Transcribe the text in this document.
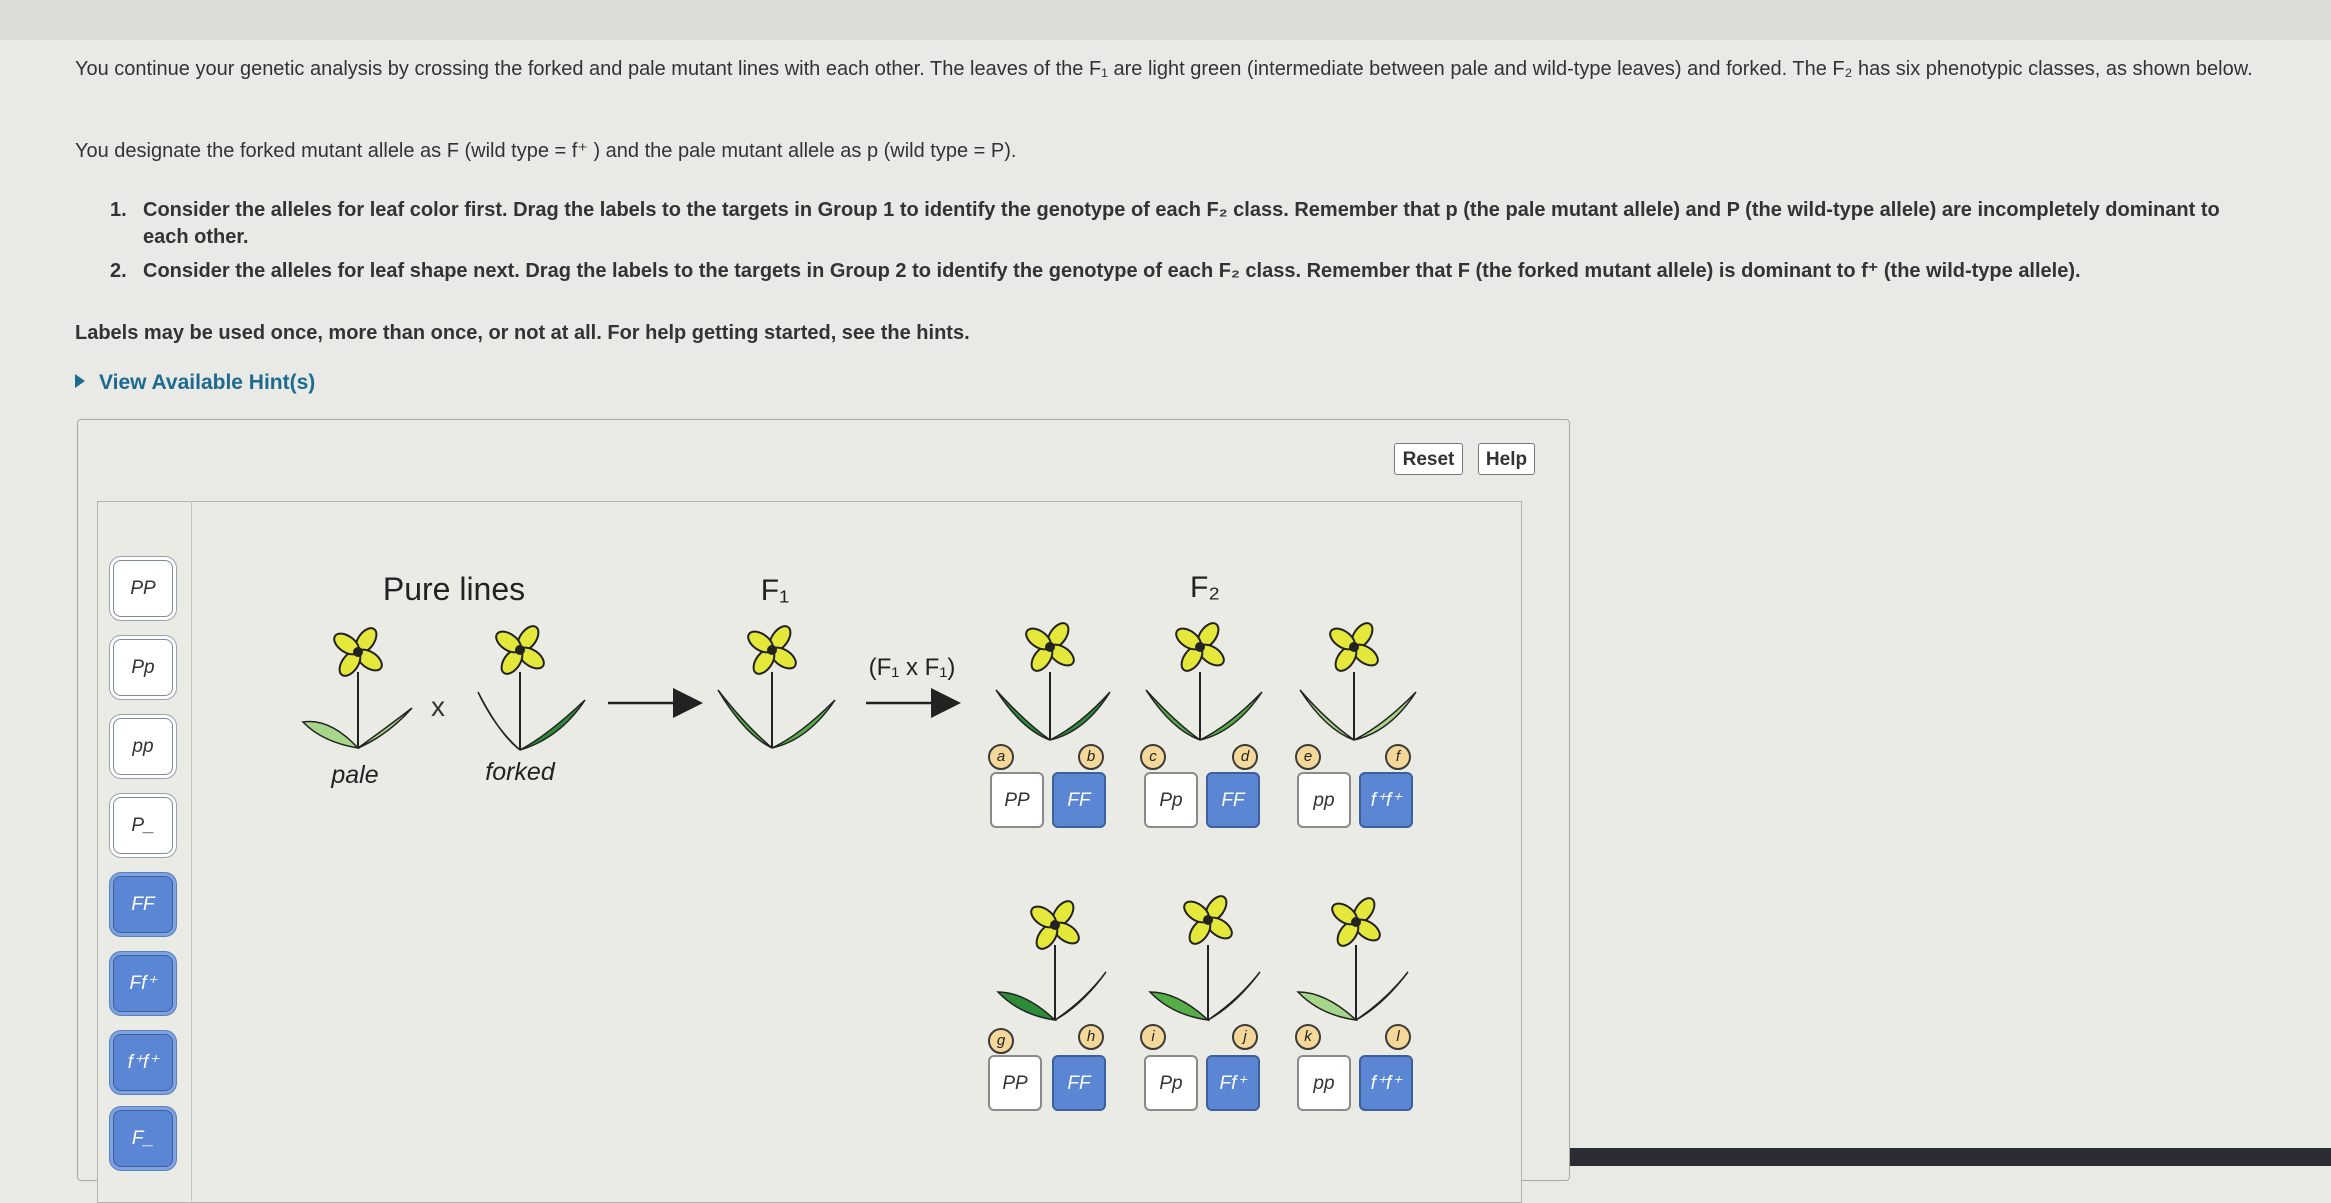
You continue your genetic analysis by crossing the forked and pale mutant lines with each other. The leaves of the F₁ are light green (intermediate between pale and wild-type leaves) and forked. The F₂ has six phenotypic classes, as shown below.
You designate the forked mutant allele as F (wild type = f⁺ ) and the pale mutant allele as p (wild type = P).
1. Consider the alleles for leaf color first. Drag the labels to the targets in Group 1 to identify the genotype of each F₂ class. Remember that p (the pale mutant allele) and P (the wild-type allele) are incompletely dominant to each other.
2. Consider the alleles for leaf shape next. Drag the labels to the targets in Group 2 to identify the genotype of each F₂ class. Remember that F (the forked mutant allele) is dominant to f⁺ (the wild-type allele).
Labels may be used once, more than once, or not at all. For help getting started, see the hints.
View Available Hint(s)
Reset	Help
PP
Pp
pp
P_
FF
Ff⁺
f⁺f⁺
F_
Pure lines	F₁	F₂
x
(F₁ x F₁)
pale	forked
a	b	c	d	e	f
g	h	i	j	k	l
PP	FF	Pp	FF	pp	f⁺f⁺
PP	FF	Pp	Ff⁺	pp	f⁺f⁺
